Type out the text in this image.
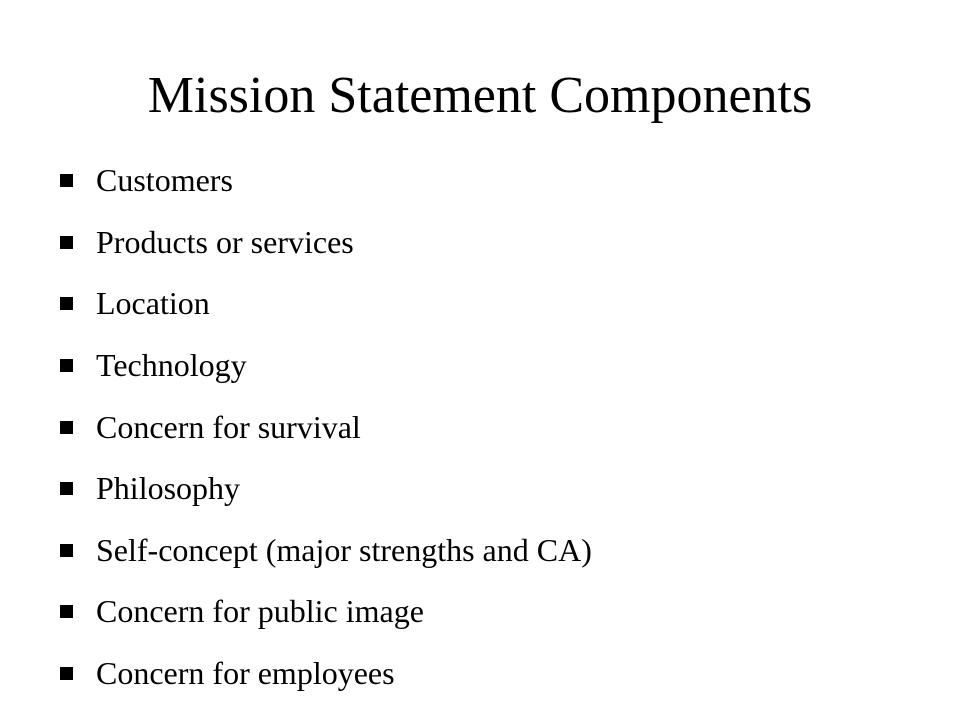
Mission Statement Components
Customers
Products or services
Location
Technology
Concern for survival
Philosophy
Self-concept (major strengths and CA)
Concern for public image
Concern for employees
